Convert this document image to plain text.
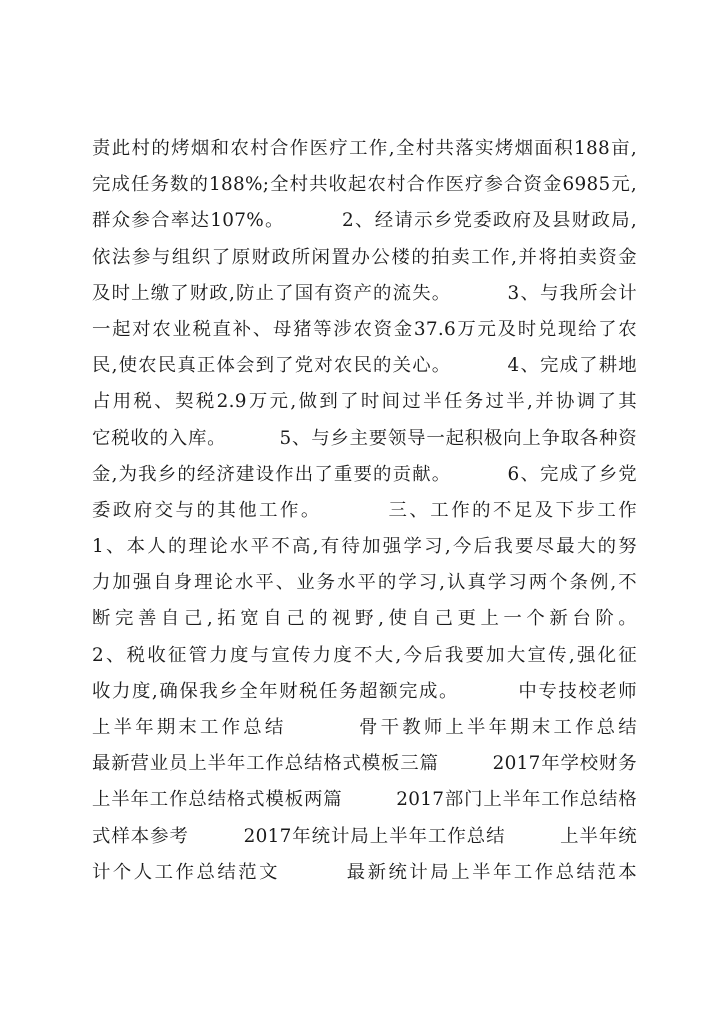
责此村的烤烟和农村合作医疗工作,全村共落实烤烟面积188亩,
完成任务数的188%;全村共收起农村合作医疗参合资金6985元,
群众参合率达107%。        2、经请示乡党委政府及县财政局,
依法参与组织了原财政所闲置办公楼的拍卖工作,并将拍卖资金
及时上缴了财政,防止了国有资产的流失。        3、与我所会计
一起对农业税直补、母猪等涉农资金37.6万元及时兑现给了农
民,使农民真正体会到了党对农民的关心。        4、完成了耕地
占用税、契税2.9万元,做到了时间过半任务过半,并协调了其
它税收的入库。        5、与乡主要领导一起积极向上争取各种资
金,为我乡的经济建设作出了重要的贡献。        6、完成了乡党
委政府交与的其他工作。        三、工作的不足及下步工作
1、本人的理论水平不高,有待加强学习,今后我要尽最大的努
力加强自身理论水平、业务水平的学习,认真学习两个条例,不
断完善自己,拓宽自己的视野,使自己更上一个新台阶。
2、税收征管力度与宣传力度不大,今后我要加大宣传,强化征
收力度,确保我乡全年财税任务超额完成。        中专技校老师
上半年期末工作总结        骨干教师上半年期末工作总结
最新营业员上半年工作总结格式模板三篇        2017年学校财务
上半年工作总结格式模板两篇        2017部门上半年工作总结格
式样本参考        2017年统计局上半年工作总结        上半年统
计个人工作总结范文        最新统计局上半年工作总结范本
